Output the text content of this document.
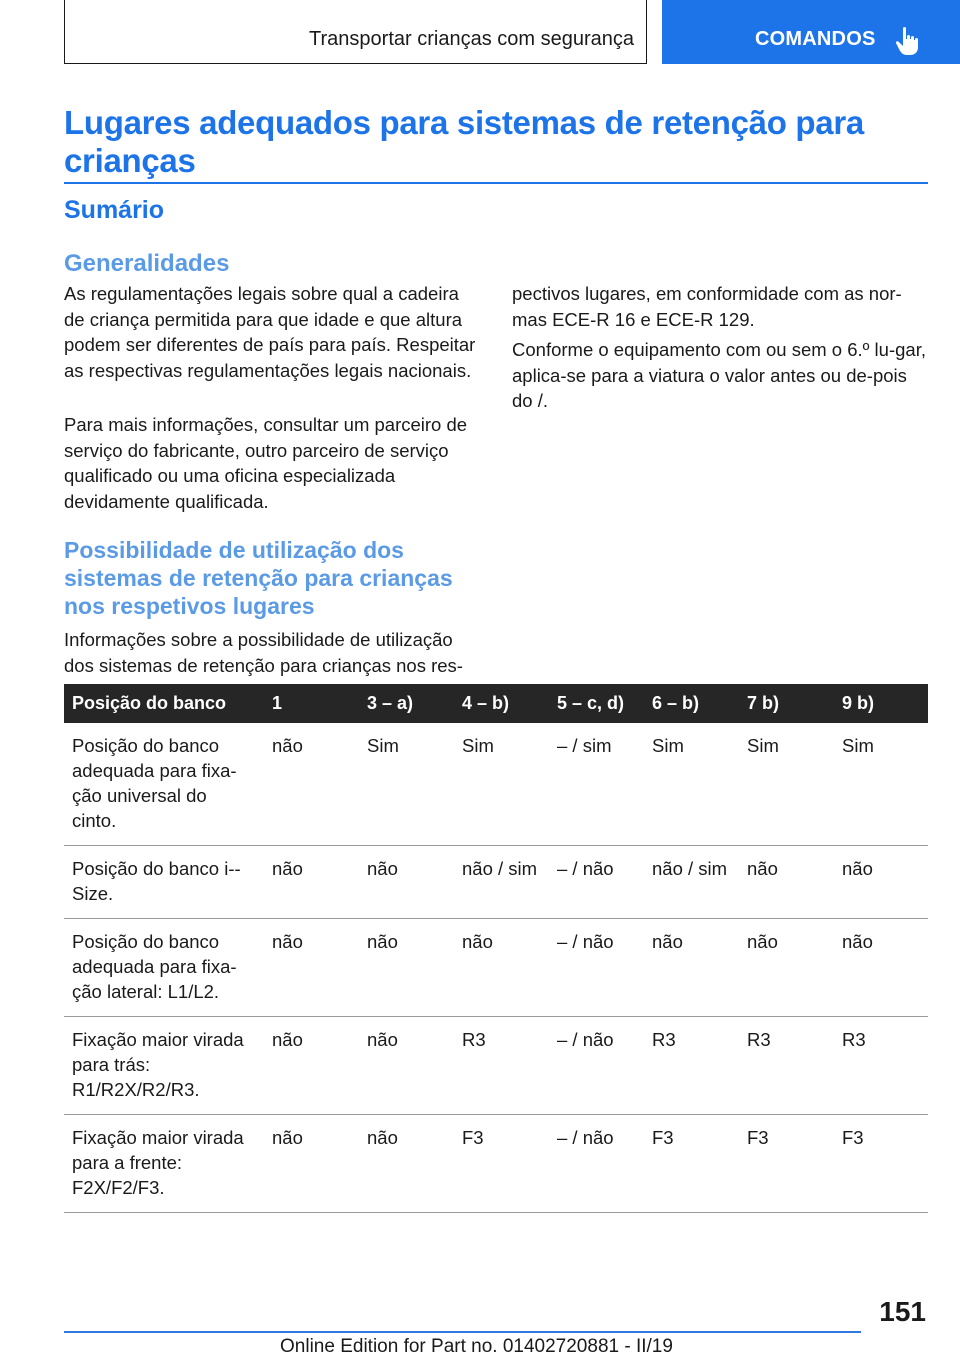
Transportar crianças com segurança	COMANDOS
Lugares adequados para sistemas de retenção para crianças
Sumário
Generalidades

As regulamentações legais sobre qual a cadeira de criança permitida para que idade e que altura podem ser diferentes de país para país. Respeitar as respectivas regulamentações legais nacionais.

Para mais informações, consultar um parceiro de serviço do fabricante, outro parceiro de serviço qualificado ou uma oficina especializada devidamente qualificada.

Possibilidade de utilização dos sistemas de retenção para crianças nos respetivos lugares

Informações sobre a possibilidade de utilização dos sistemas de retenção para crianças nos res-

pectivos lugares, em conformidade com as nor-mas ECE-R 16 e ECE-R 129.

Conforme o equipamento com ou sem o 6.º lu-gar, aplica-se para a viatura o valor antes ou de-pois do /.

Posição do banco	1	3 – a)	4 – b)	5 – c, d)	6 – b)	7 b)	9 b)
Posição do banco adequada para fixa-ção universal do cinto.	não	Sim	Sim	– / sim	Sim	Sim	Sim
Posição do banco i--Size.	não	não	não / sim	– / não	não / sim	não	não
Posição do banco adequada para fixa-ção lateral: L1/L2.	não	não	não	– / não	não	não	não
Fixação maior virada para trás: R1/R2X/R2/R3.	não	não	R3	– / não	R3	R3	R3
Fixação maior virada para a frente: F2X/F2/F3.	não	não	F3	– / não	F3	F3	F3
151
Online Edition for Part no. 01402720881 - II/19
